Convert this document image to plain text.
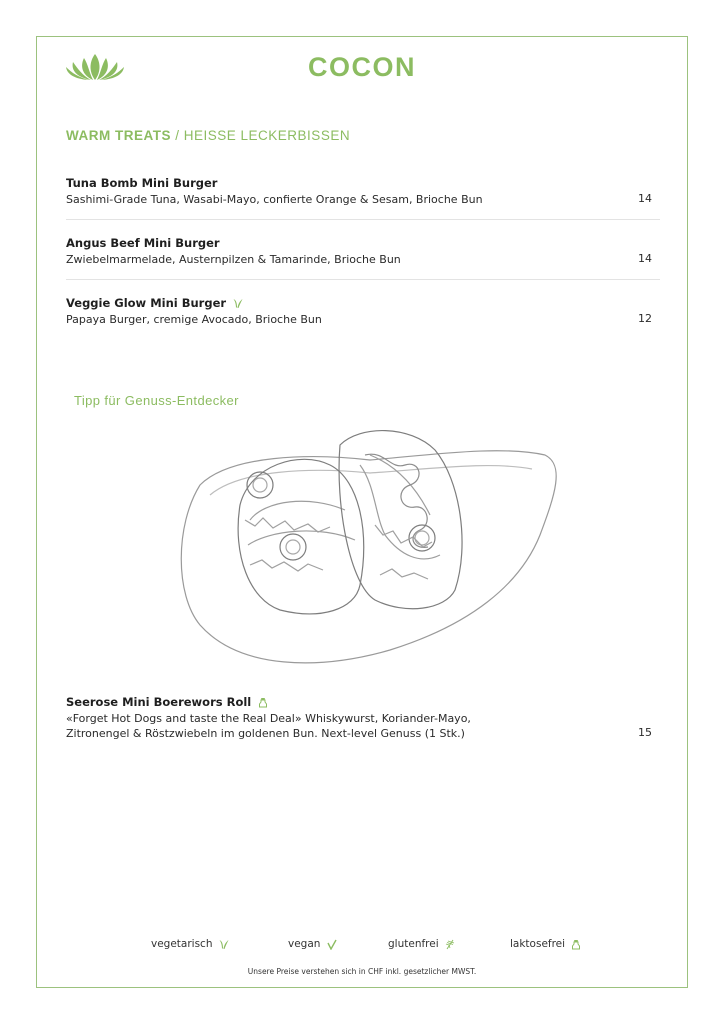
COCON
WARM TREATS / HEISSE LECKERBISSEN
Tuna Bomb Mini Burger
Sashimi-Grade Tuna, Wasabi-Mayo, confierte Orange & Sesam, Brioche Bun	14
Angus Beef Mini Burger
Zwiebelmarmelade, Austernpilzen & Tamarinde, Brioche Bun	14
Veggie Glow Mini Burger
Papaya Burger, cremige Avocado, Brioche Bun	12
Tipp für Genuss-Entdecker
Seerose Mini Boerewors Roll
«Forget Hot Dogs and taste the Real Deal» Whiskywurst, Koriander-Mayo,
Zitronengel & Röstzwiebeln im goldenen Bun. Next-level Genuss (1 Stk.)	15
vegetarisch	vegan	glutenfrei	laktosefrei
Unsere Preise verstehen sich in CHF inkl. gesetzlicher MWST.
